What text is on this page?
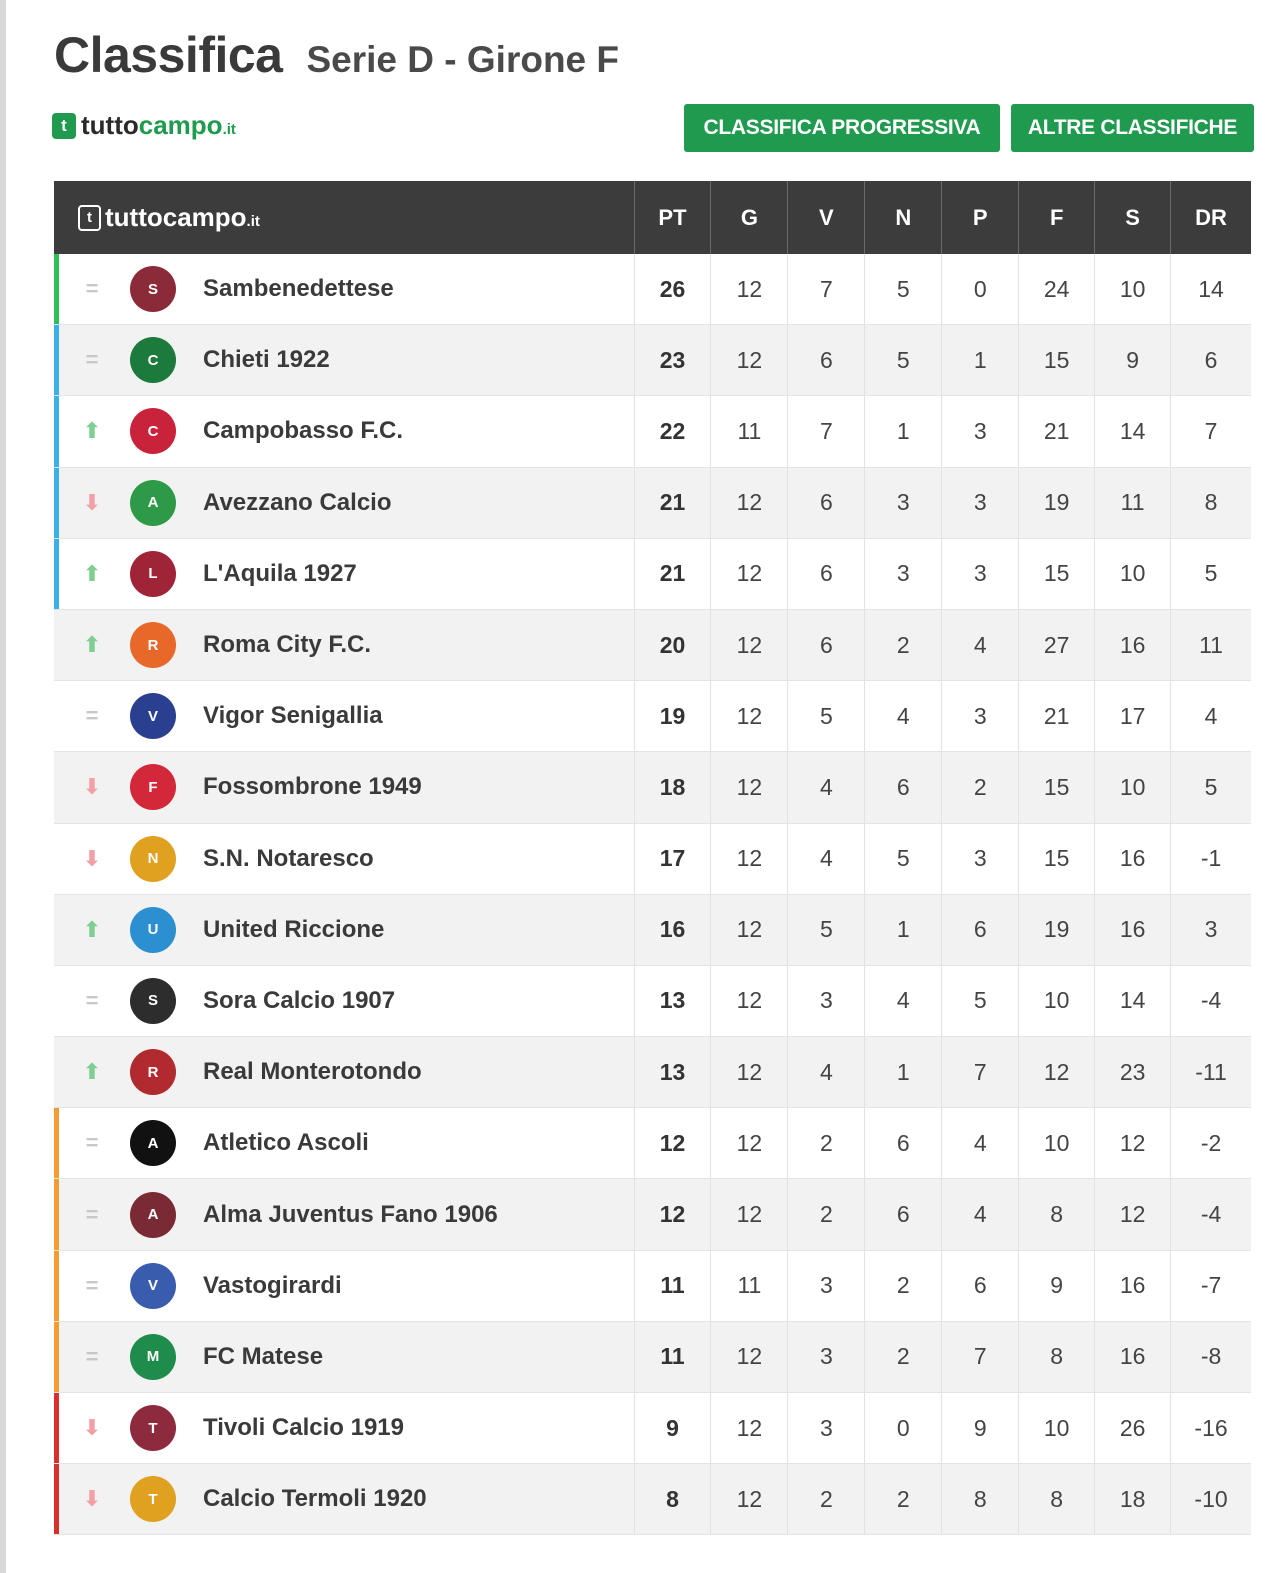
Classifica Serie D - Girone F
t tuttocampo.it	CLASSIFICA PROGRESSIVA	ALTRE CLASSIFICHE
t tuttocampo.it	PT	G	V	N	P	F	S	DR
=	S	Sambenedettese	26	12	7	5	0	24	10	14
=	C	Chieti 1922	23	12	6	5	1	15	9	6
⬆	C	Campobasso F.C.	22	11	7	1	3	21	14	7
⬇	A	Avezzano Calcio	21	12	6	3	3	19	11	8
⬆	L	L'Aquila 1927	21	12	6	3	3	15	10	5
⬆	R	Roma City F.C.	20	12	6	2	4	27	16	11
=	V	Vigor Senigallia	19	12	5	4	3	21	17	4
⬇	F	Fossombrone 1949	18	12	4	6	2	15	10	5
⬇	N	S.N. Notaresco	17	12	4	5	3	15	16	-1
⬆	U	United Riccione	16	12	5	1	6	19	16	3
=	S	Sora Calcio 1907	13	12	3	4	5	10	14	-4
⬆	R	Real Monterotondo	13	12	4	1	7	12	23	-11
=	A	Atletico Ascoli	12	12	2	6	4	10	12	-2
=	A	Alma Juventus Fano 1906	12	12	2	6	4	8	12	-4
=	V	Vastogirardi	11	11	3	2	6	9	16	-7
=	M	FC Matese	11	12	3	2	7	8	16	-8
⬇	T	Tivoli Calcio 1919	9	12	3	0	9	10	26	-16
⬇	T	Calcio Termoli 1920	8	12	2	2	8	8	18	-10
